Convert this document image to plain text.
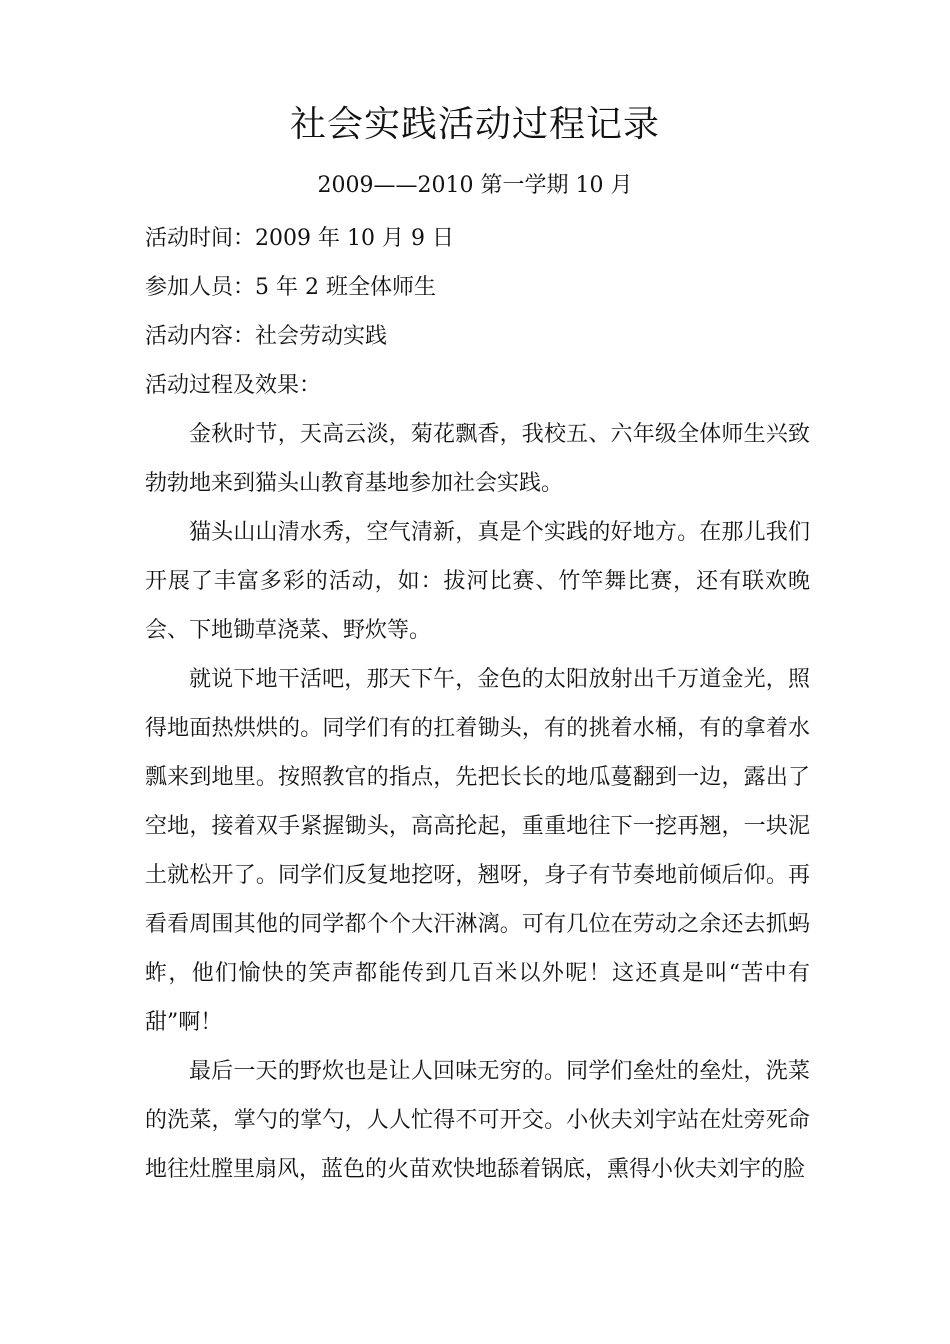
社会实践活动过程记录
2009——2010 第一学期 10 月

活动时间：2009 年 10 月 9 日

参加人员：5 年 2 班全体师生

活动内容：社会劳动实践

活动过程及效果：

金秋时节，天高云淡，菊花飘香，我校五、六年级全体师生兴致勃勃地来到猫头山教育基地参加社会实践。

猫头山山清水秀，空气清新，真是个实践的好地方。在那儿我们开展了丰富多彩的活动，如：拔河比赛、竹竿舞比赛，还有联欢晚会、下地锄草浇菜、野炊等。

就说下地干活吧，那天下午，金色的太阳放射出千万道金光，照得地面热烘烘的。同学们有的扛着锄头，有的挑着水桶，有的拿着水瓢来到地里。按照教官的指点，先把长长的地瓜蔓翻到一边，露出了空地，接着双手紧握锄头，高高抡起，重重地往下一挖再翘，一块泥土就松开了。同学们反复地挖呀，翘呀，身子有节奏地前倾后仰。再看看周围其他的同学都个个大汗淋漓。可有几位在劳动之余还去抓蚂蚱，他们愉快的笑声都能传到几百米以外呢！这还真是叫“苦中有甜”啊！

最后一天的野炊也是让人回味无穷的。同学们垒灶的垒灶，洗菜的洗菜，掌勺的掌勺，人人忙得不可开交。小伙夫刘宇站在灶旁死命地往灶膛里扇风，蓝色的火苗欢快地舔着锅底，熏得小伙夫刘宇的脸
